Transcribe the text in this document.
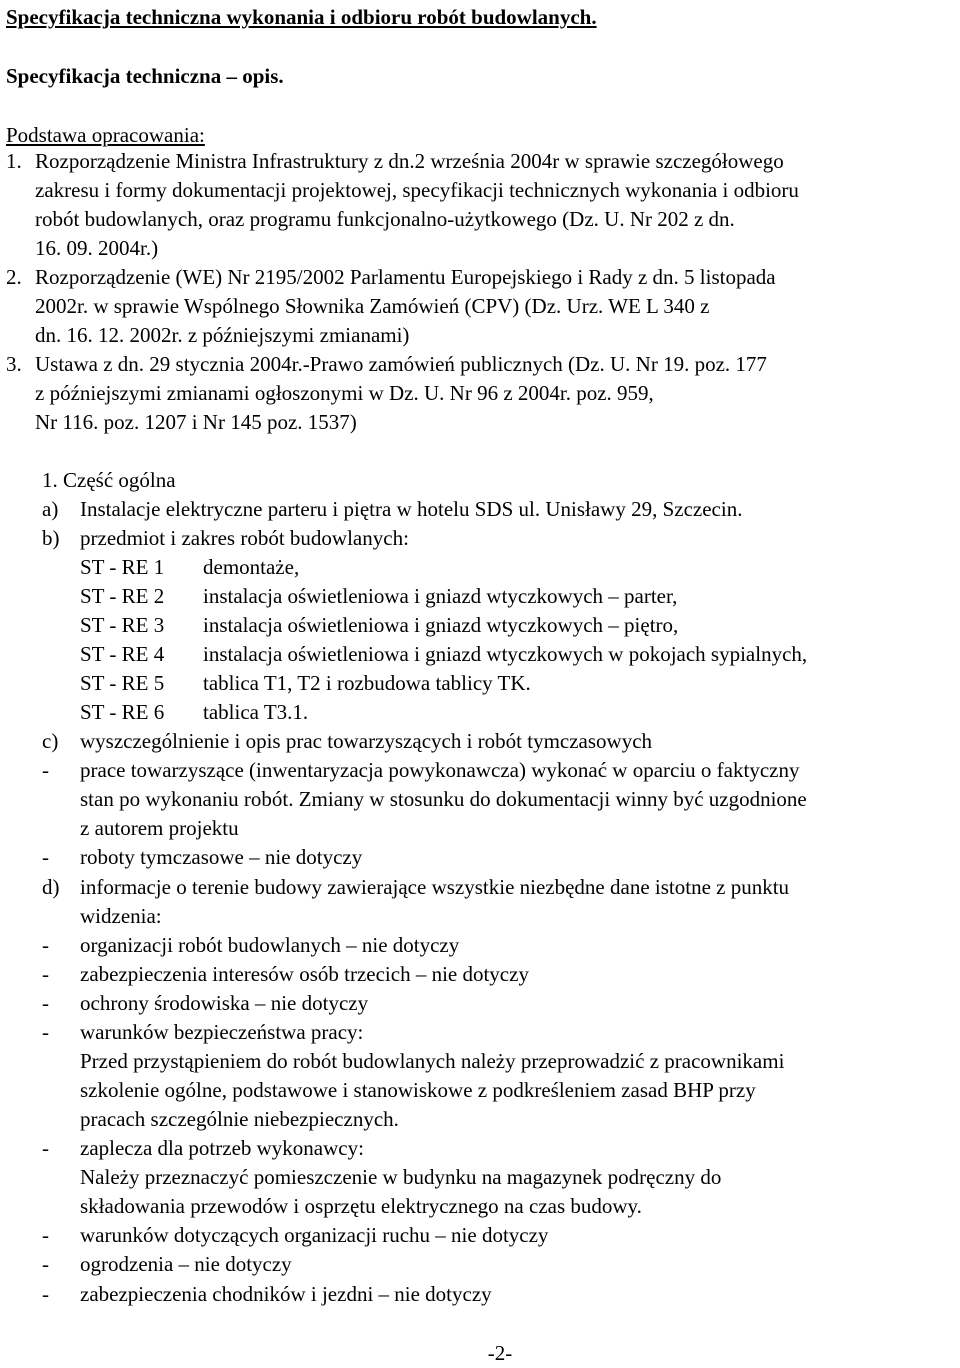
Specyfikacja techniczna wykonania i odbioru robót budowlanych.
Specyfikacja techniczna – opis.
Podstawa opracowania:
1. Rozporządzenie Ministra Infrastruktury z dn.2 września 2004r w sprawie szczegółowego
zakresu i formy dokumentacji projektowej, specyfikacji technicznych wykonania i odbioru
robót budowlanych, oraz programu funkcjonalno-użytkowego (Dz. U. Nr 202 z dn.
16. 09. 2004r.)
2. Rozporządzenie (WE) Nr 2195/2002 Parlamentu Europejskiego i Rady z dn. 5 listopada
2002r. w sprawie Wspólnego Słownika Zamówień (CPV) (Dz. Urz. WE L 340 z
dn. 16. 12. 2002r. z późniejszymi zmianami)
3. Ustawa z dn. 29 stycznia 2004r.-Prawo zamówień publicznych (Dz. U. Nr 19. poz. 177
z późniejszymi zmianami ogłoszonymi w Dz. U. Nr 96 z 2004r. poz. 959,
Nr 116. poz. 1207 i Nr 145 poz. 1537)
1. Część ogólna
a) Instalacje elektryczne parteru i piętra w hotelu SDS ul. Unisławy 29, Szczecin.
b) przedmiot i zakres robót budowlanych:
ST - RE 1 demontaże,
ST - RE 2 instalacja oświetleniowa i gniazd wtyczkowych – parter,
ST - RE 3 instalacja oświetleniowa i gniazd wtyczkowych – piętro,
ST - RE 4 instalacja oświetleniowa i gniazd wtyczkowych w pokojach sypialnych,
ST - RE 5 tablica T1, T2 i rozbudowa tablicy TK.
ST - RE 6 tablica T3.1.
c) wyszczególnienie i opis prac towarzyszących i robót tymczasowych
- prace towarzyszące (inwentaryzacja powykonawcza) wykonać w oparciu o faktyczny
stan po wykonaniu robót. Zmiany w stosunku do dokumentacji winny być uzgodnione
z autorem projektu
- roboty tymczasowe – nie dotyczy
d) informacje o terenie budowy zawierające wszystkie niezbędne dane istotne z punktu
widzenia:
- organizacji robót budowlanych – nie dotyczy
- zabezpieczenia interesów osób trzecich – nie dotyczy
- ochrony środowiska – nie dotyczy
- warunków bezpieczeństwa pracy:
Przed przystąpieniem do robót budowlanych należy przeprowadzić z pracownikami
szkolenie ogólne, podstawowe i stanowiskowe z podkreśleniem zasad BHP przy
pracach szczególnie niebezpiecznych.
- zaplecza dla potrzeb wykonawcy:
Należy przeznaczyć pomieszczenie w budynku na magazynek podręczny do
składowania przewodów i osprzętu elektrycznego na czas budowy.
- warunków dotyczących organizacji ruchu – nie dotyczy
- ogrodzenia – nie dotyczy
- zabezpieczenia chodników i jezdni – nie dotyczy
-2-
